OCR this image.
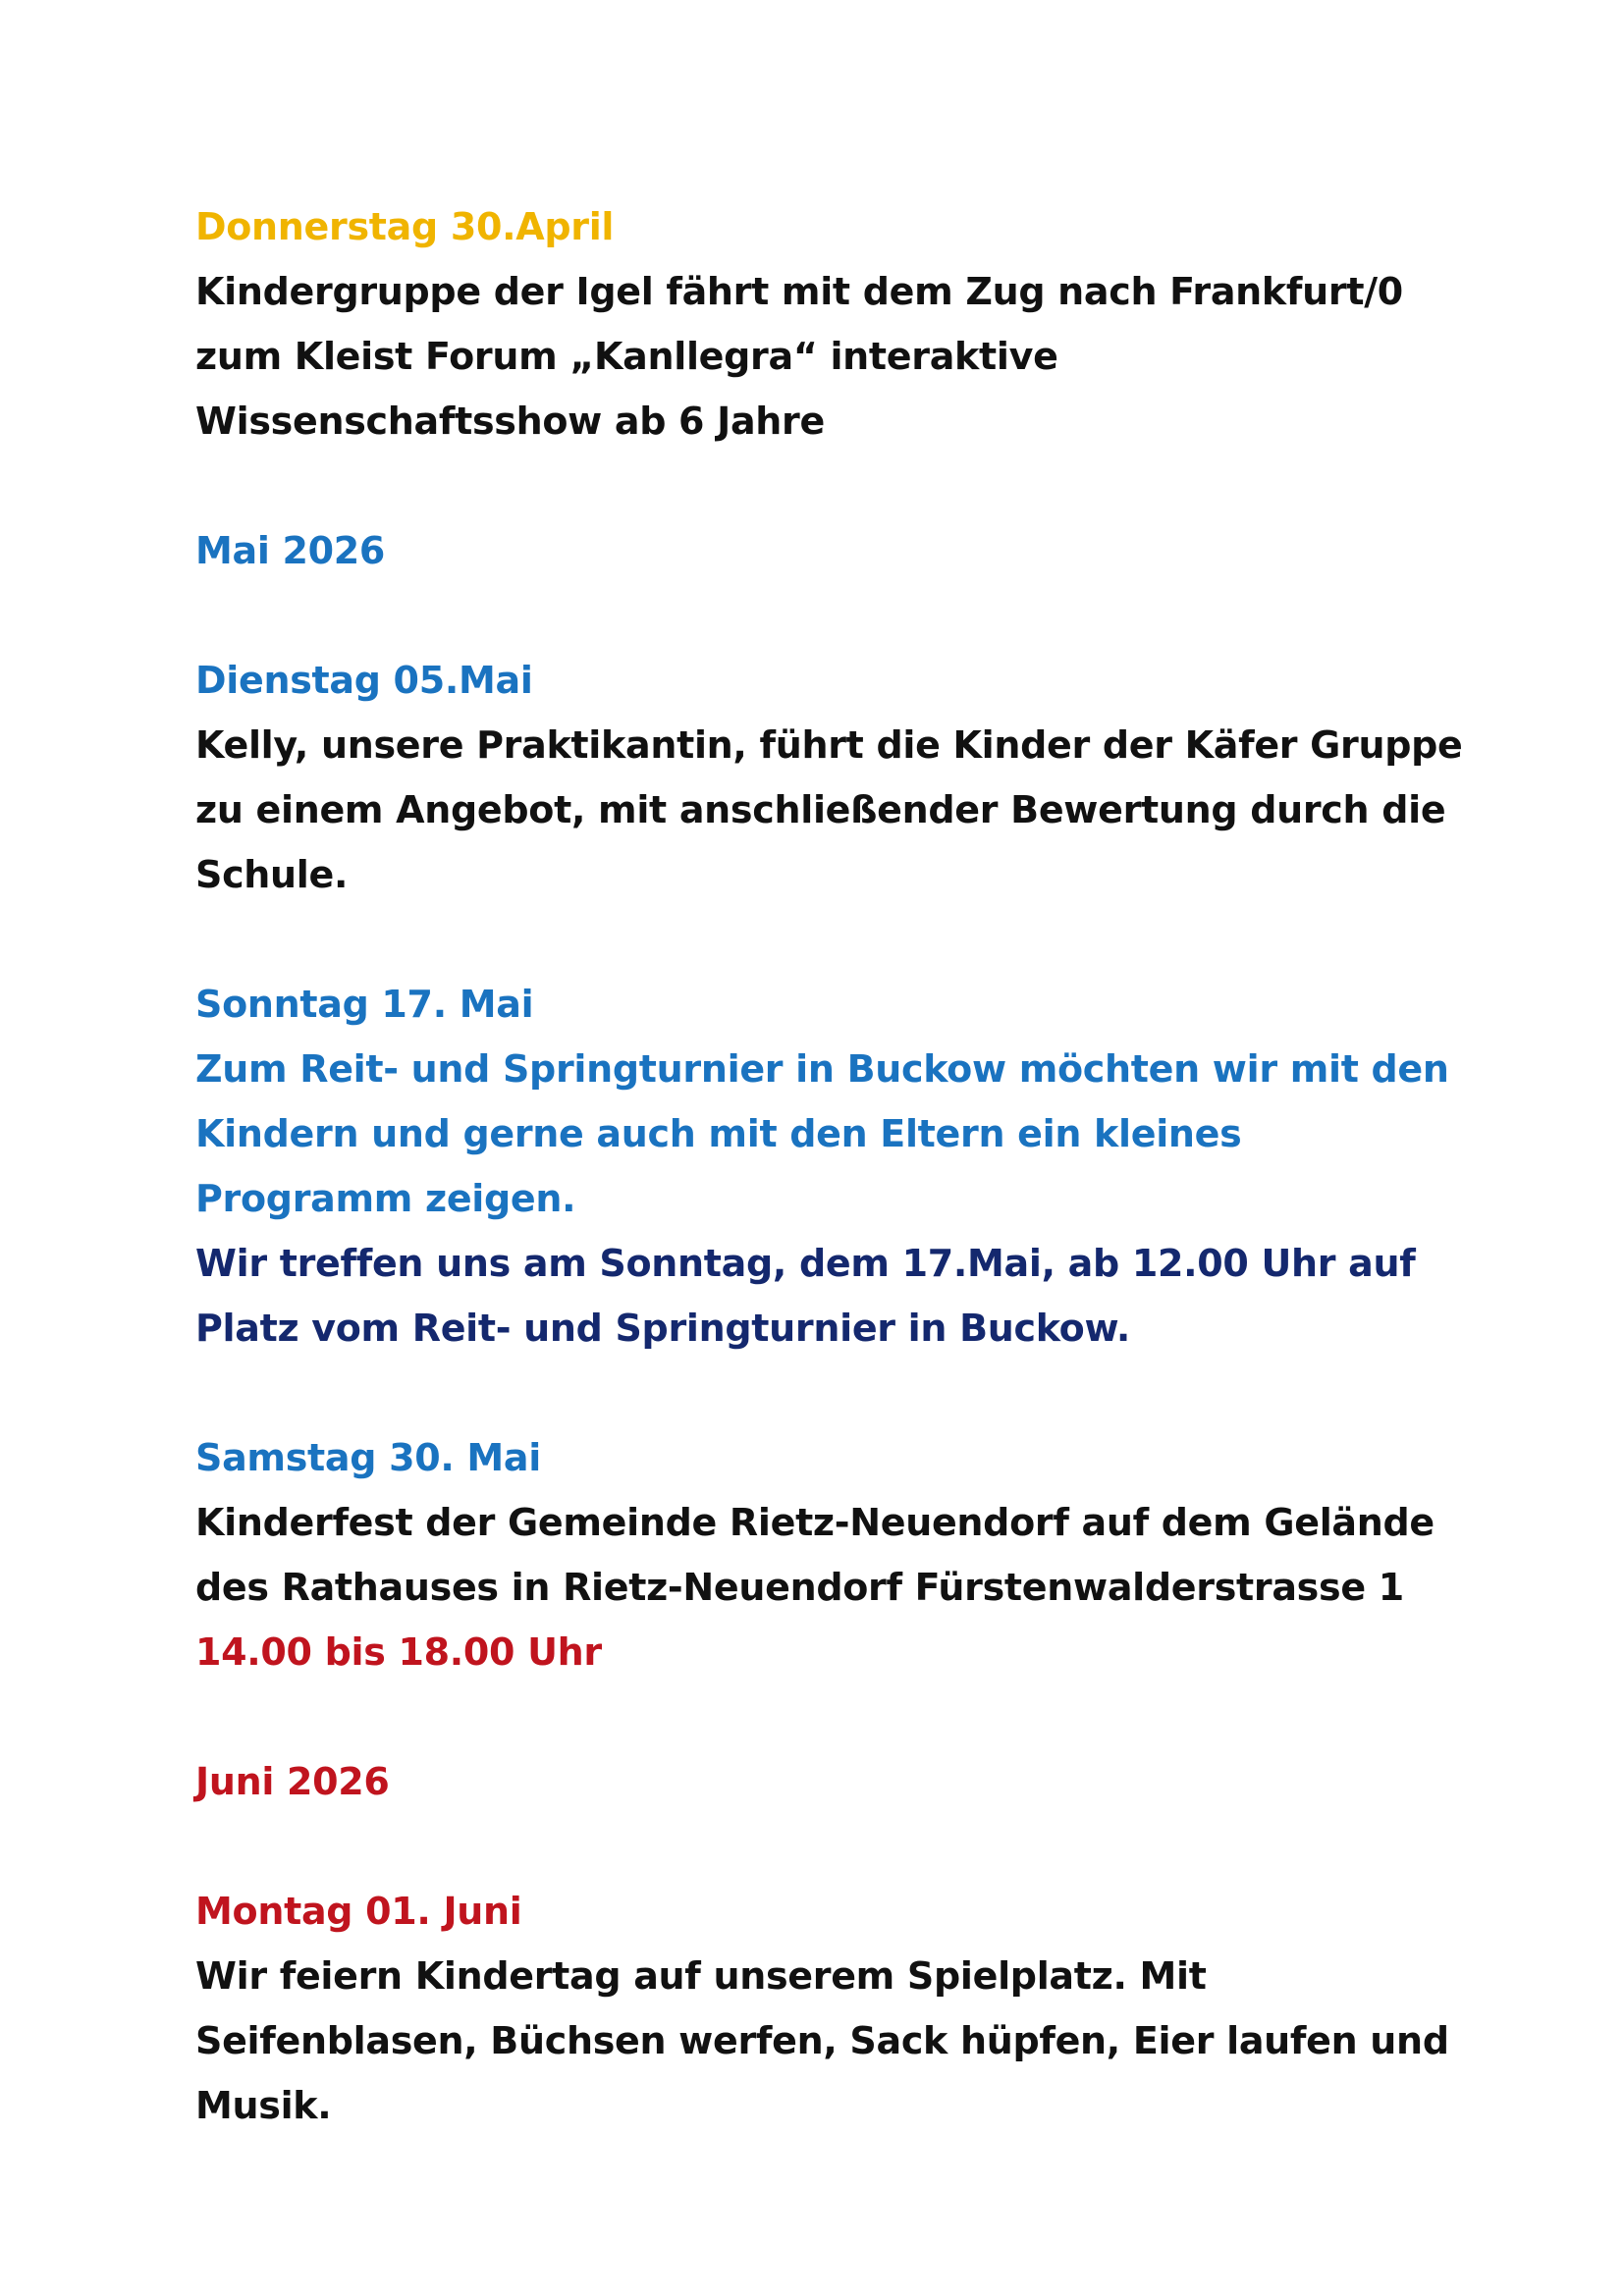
Donnerstag 30.April
Kindergruppe der Igel fährt mit dem Zug nach Frankfurt/0
zum Kleist Forum „Kanllegra“ interaktive
Wissenschaftsshow ab 6 Jahre
Mai 2026
Dienstag 05.Mai
Kelly, unsere Praktikantin, führt die Kinder der Käfer Gruppe
zu einem Angebot, mit anschließender Bewertung durch die
Schule.
Sonntag 17. Mai
Zum Reit- und Springturnier in Buckow möchten wir mit den
Kindern und gerne auch mit den Eltern ein kleines
Programm zeigen.
Wir treffen uns am Sonntag, dem 17.Mai, ab 12.00 Uhr auf
Platz vom Reit- und Springturnier in Buckow.
Samstag 30. Mai
Kinderfest der Gemeinde Rietz-Neuendorf auf dem Gelände
des Rathauses in Rietz-Neuendorf Fürstenwalderstrasse 1
14.00 bis 18.00 Uhr
Juni 2026
Montag 01. Juni
Wir feiern Kindertag auf unserem Spielplatz. Mit
Seifenblasen, Büchsen werfen, Sack hüpfen, Eier laufen und
Musik.
